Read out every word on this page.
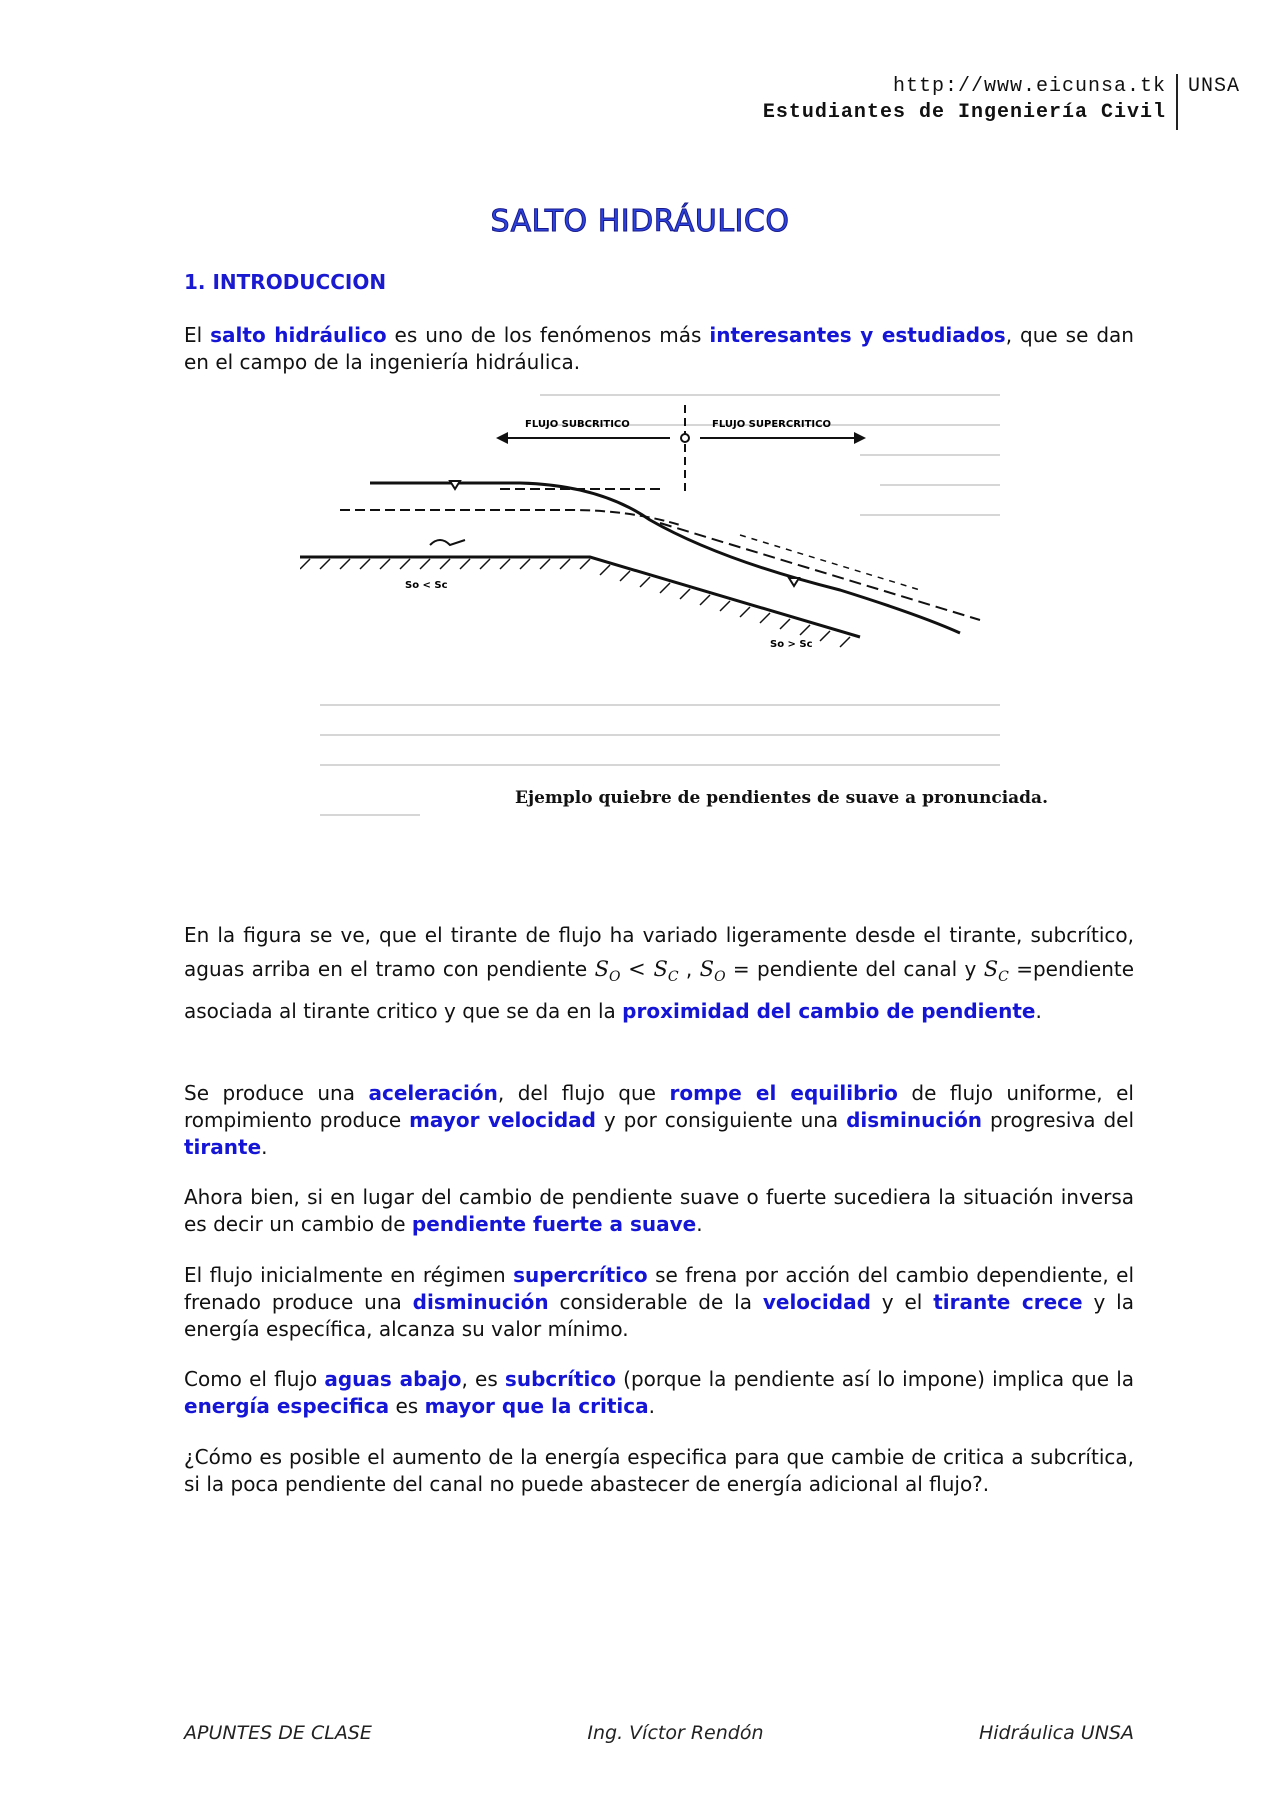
http://www.eicunsa.tk
Estudiantes de Ingeniería Civil
UNSA
SALTO HIDRÁULICO
1. INTRODUCCION
El salto hidráulico es uno de los fenómenos más interesantes y estudiados, que se dan en el campo de la ingeniería hidráulica.
FLUJO SUBCRITICO	FLUJO SUPERCRITICO
So < Sc
So > Sc
Ejemplo quiebre de pendientes de suave a pronunciada.
En la figura se ve, que el tirante de flujo ha variado ligeramente desde el tirante, subcrítico, aguas arriba en el tramo con pendiente $S_O < S_C$ , $S_O$ = pendiente del canal y $S_C$ =pendiente asociada al tirante critico y que se da en la proximidad del cambio de pendiente.
Se produce una aceleración, del flujo que rompe el equilibrio de flujo uniforme, el rompimiento produce mayor velocidad y por consiguiente una disminución progresiva del tirante.
Ahora bien, si en lugar del cambio de pendiente suave o fuerte sucediera la situación inversa es decir un cambio de pendiente fuerte a suave.
El flujo inicialmente en régimen supercrítico se frena por acción del cambio dependiente, el frenado produce una disminución considerable de la velocidad y el tirante crece y la energía específica, alcanza su valor mínimo.
Como el flujo aguas abajo, es subcrítico (porque la pendiente así lo impone) implica que la energía especifica es mayor que la critica.
¿Cómo es posible el aumento de la energía especifica para que cambie de critica a subcrítica, si la poca pendiente del canal no puede abastecer de energía adicional al flujo?.
APUNTES DE CLASE	Ing. Víctor Rendón	Hidráulica UNSA
